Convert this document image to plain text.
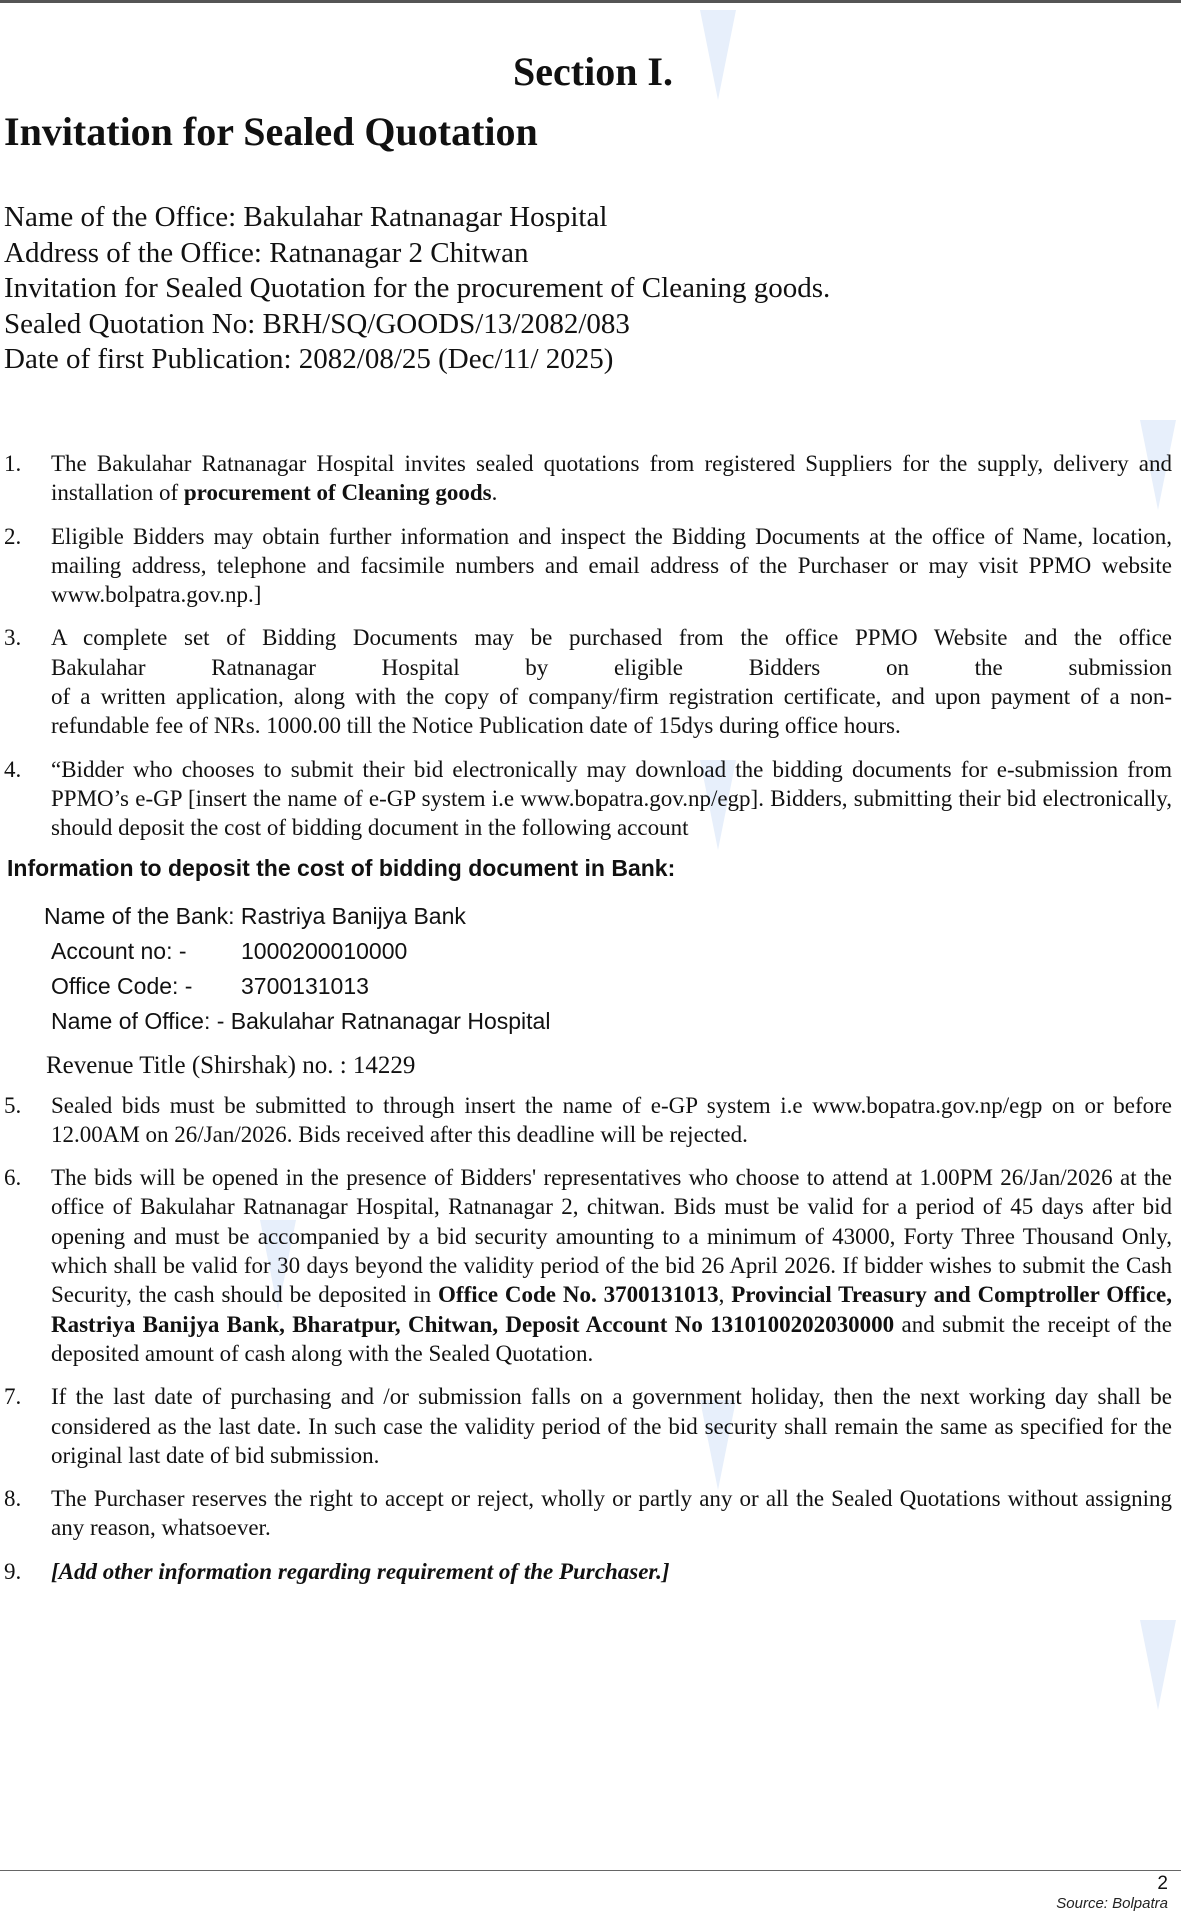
Section I.
Invitation for Sealed Quotation
Name of the Office: Bakulahar Ratnanagar Hospital
Address of the Office: Ratnanagar 2 Chitwan
Invitation for Sealed Quotation for the procurement of Cleaning goods.
Sealed Quotation No: BRH/SQ/GOODS/13/2082/083
Date of first Publication: 2082/08/25 (Dec/11/ 2025)
1. The Bakulahar Ratnanagar Hospital invites sealed quotations from registered Suppliers for the supply, delivery and installation of procurement of Cleaning goods.

2. Eligible Bidders may obtain further information and inspect the Bidding Documents at the office of Name, location, mailing address, telephone and facsimile numbers and email address of the Purchaser or may visit PPMO website www.bolpatra.gov.np.]

3. A complete set of Bidding Documents may be purchased from the office PPMO Website and the office

Bakulahar Ratnanagar Hospital by eligible Bidders on the submission

of a written application, along with the copy of company/firm registration certificate, and upon payment of a non-refundable fee of NRs. 1000.00 till the Notice Publication date of 15dys during office hours.

4. “Bidder who chooses to submit their bid electronically may download the bidding documents for e-submission from PPMO’s e-GP [insert the name of e-GP system i.e www.bopatra.gov.np/egp]. Bidders, submitting their bid electronically, should deposit the cost of bidding document in the following account

Information to deposit the cost of bidding document in Bank:
Name of the Bank: Rastriya Banijya Bank
Account no: - 1000200010000
Office Code: - 3700131013
Name of Office: - Bakulahar Ratnanagar Hospital
Revenue Title (Shirshak) no. : 14229
5. Sealed bids must be submitted to through insert the name of e-GP system i.e www.bopatra.gov.np/egp on or before 12.00AM on 26/Jan/2026. Bids received after this deadline will be rejected.

6. The bids will be opened in the presence of Bidders' representatives who choose to attend at 1.00PM 26/Jan/2026 at the office of Bakulahar Ratnanagar Hospital, Ratnanagar 2, chitwan. Bids must be valid for a period of 45 days after bid opening and must be accompanied by a bid security amounting to a minimum of 43000, Forty Three Thousand Only, which shall be valid for 30 days beyond the validity period of the bid 26 April 2026. If bidder wishes to submit the Cash Security, the cash should be deposited in Office Code No. 3700131013, Provincial Treasury and Comptroller Office, Rastriya Banijya Bank, Bharatpur, Chitwan, Deposit Account No 1310100202030000 and submit the receipt of the deposited amount of cash along with the Sealed Quotation.

7. If the last date of purchasing and /or submission falls on a government holiday, then the next working day shall be considered as the last date. In such case the validity period of the bid security shall remain the same as specified for the original last date of bid submission.

8. The Purchaser reserves the right to accept or reject, wholly or partly any or all the Sealed Quotations without assigning any reason, whatsoever.

9. [Add other information regarding requirement of the Purchaser.]

2
Source: Bolpatra
